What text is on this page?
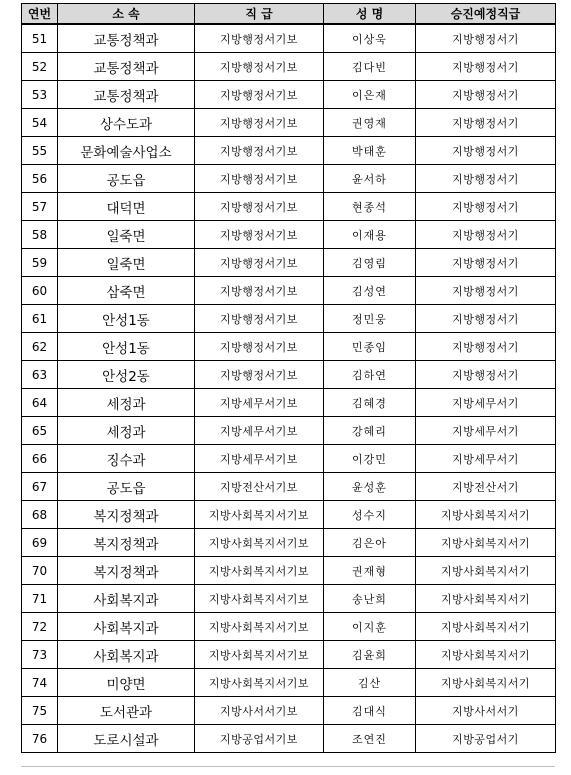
연번	소 속	직 급	성 명	승진예정직급
51	교통정책과	지방행정서기보	이상욱	지방행정서기
52	교통정책과	지방행정서기보	김다빈	지방행정서기
53	교통정책과	지방행정서기보	이은재	지방행정서기
54	상수도과	지방행정서기보	권영재	지방행정서기
55	문화예술사업소	지방행정서기보	박태훈	지방행정서기
56	공도읍	지방행정서기보	윤서하	지방행정서기
57	대덕면	지방행정서기보	현종석	지방행정서기
58	일죽면	지방행정서기보	이재용	지방행정서기
59	일죽면	지방행정서기보	김영림	지방행정서기
60	삼죽면	지방행정서기보	김성연	지방행정서기
61	안성1동	지방행정서기보	정민웅	지방행정서기
62	안성1동	지방행정서기보	민종임	지방행정서기
63	안성2동	지방행정서기보	김하연	지방행정서기
64	세정과	지방세무서기보	김혜경	지방세무서기
65	세정과	지방세무서기보	강혜리	지방세무서기
66	징수과	지방세무서기보	이강민	지방세무서기
67	공도읍	지방전산서기보	윤성훈	지방전산서기
68	복지정책과	지방사회복지서기보	성수지	지방사회복지서기
69	복지정책과	지방사회복지서기보	김은아	지방사회복지서기
70	복지정책과	지방사회복지서기보	권재형	지방사회복지서기
71	사회복지과	지방사회복지서기보	송난희	지방사회복지서기
72	사회복지과	지방사회복지서기보	이지훈	지방사회복지서기
73	사회복지과	지방사회복지서기보	김윤희	지방사회복지서기
74	미양면	지방사회복지서기보	김산	지방사회복지서기
75	도서관과	지방사서서기보	김대식	지방사서서기
76	도로시설과	지방공업서기보	조연진	지방공업서기
